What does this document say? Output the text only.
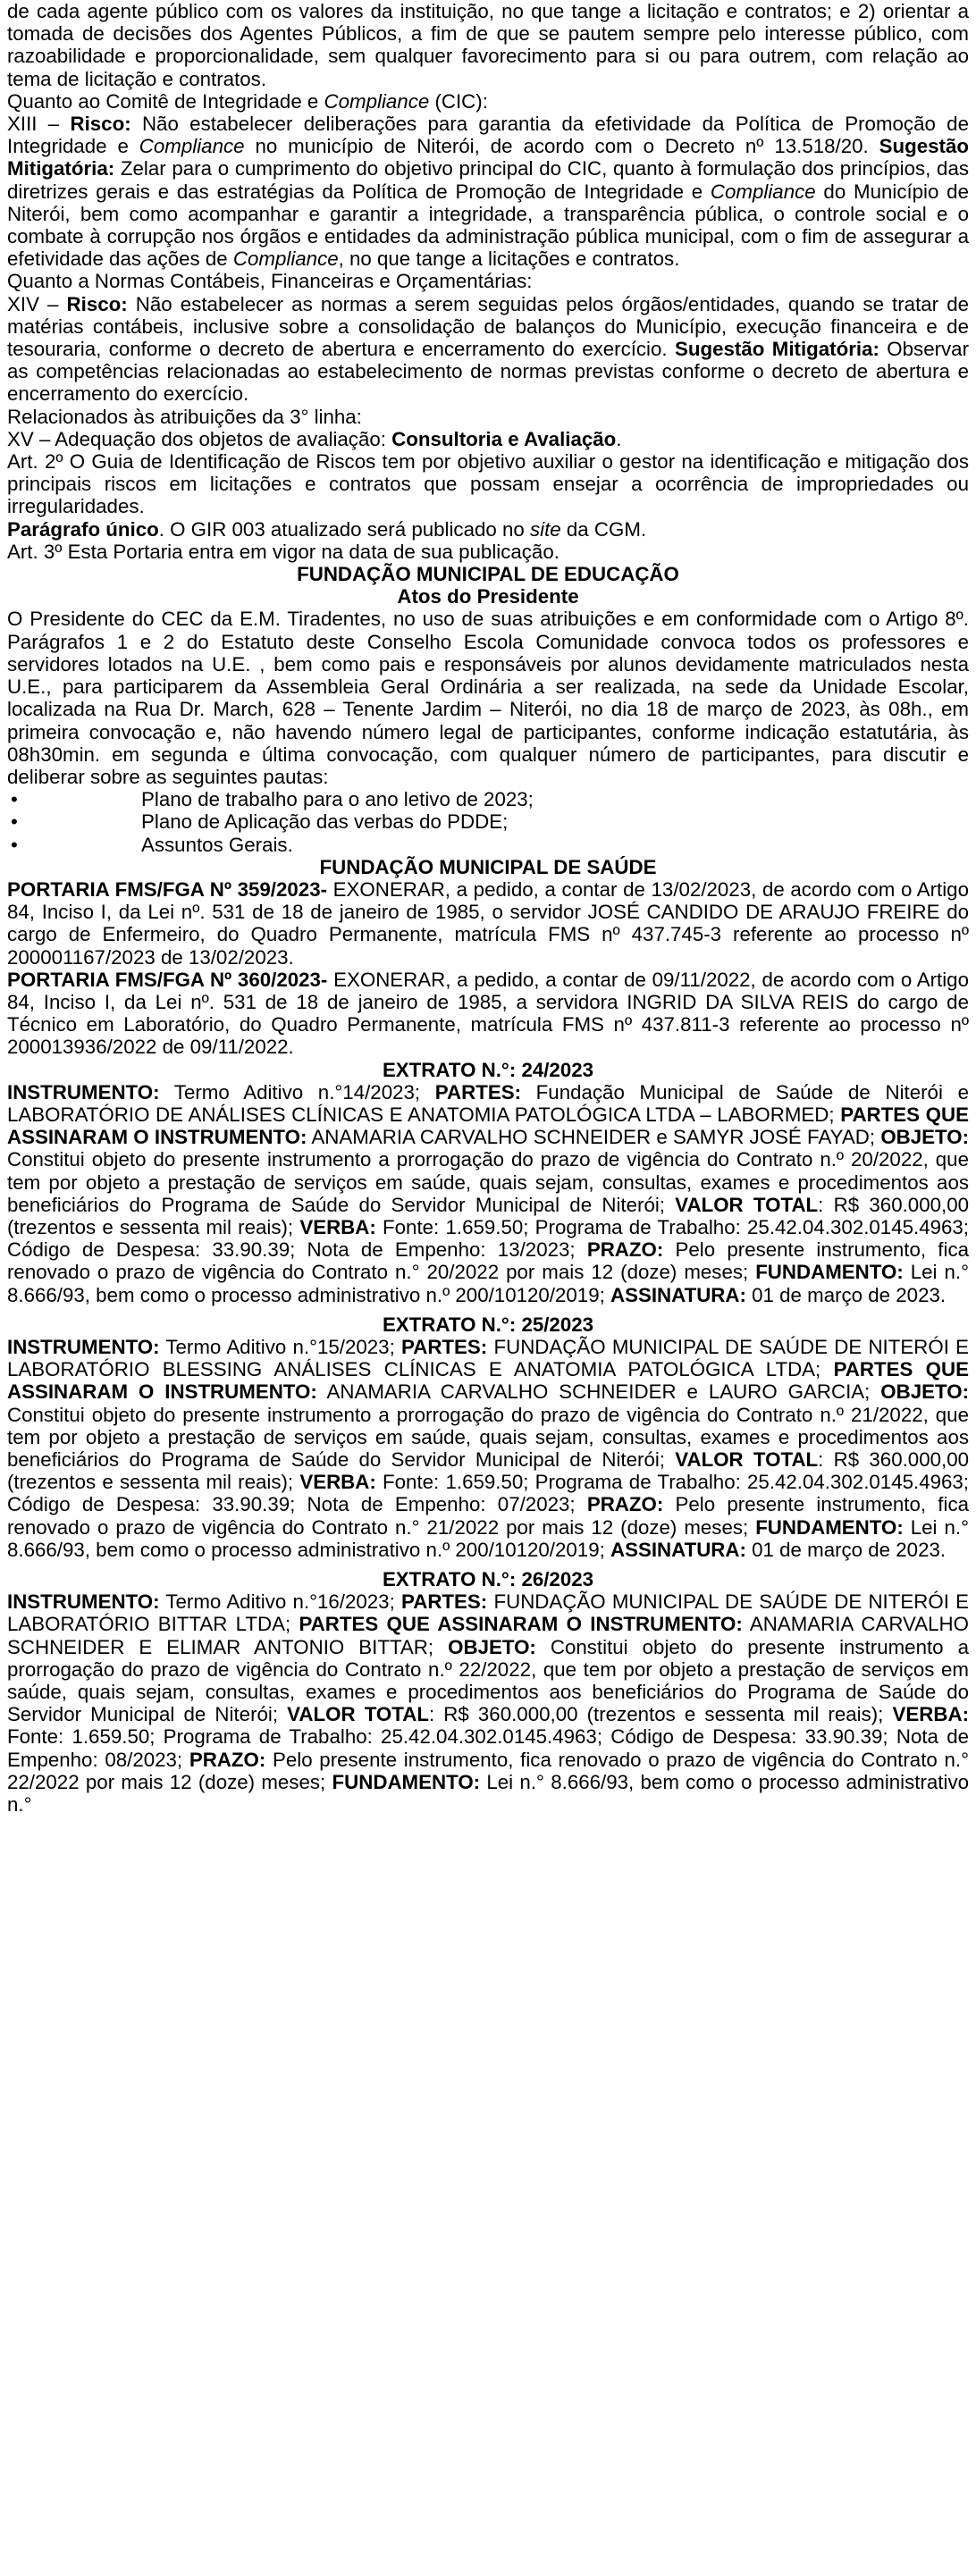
de cada agente público com os valores da instituição, no que tange a licitação e contratos; e 2) orientar a tomada de decisões dos Agentes Públicos, a fim de que se pautem sempre pelo interesse público, com razoabilidade e proporcionalidade, sem qualquer favorecimento para si ou para outrem, com relação ao tema de licitação e contratos.

Quanto ao Comitê de Integridade e Compliance (CIC):

XIII – Risco: Não estabelecer deliberações para garantia da efetividade da Política de Promoção de Integridade e Compliance no município de Niterói, de acordo com o Decreto nº 13.518/20. Sugestão Mitigatória: Zelar para o cumprimento do objetivo principal do CIC, quanto à formulação dos princípios, das diretrizes gerais e das estratégias da Política de Promoção de Integridade e Compliance do Município de Niterói, bem como acompanhar e garantir a integridade, a transparência pública, o controle social e o combate à corrupção nos órgãos e entidades da administração pública municipal, com o fim de assegurar a efetividade das ações de Compliance, no que tange a licitações e contratos.

Quanto a Normas Contábeis, Financeiras e Orçamentárias:

XIV – Risco: Não estabelecer as normas a serem seguidas pelos órgãos/entidades, quando se tratar de matérias contábeis, inclusive sobre a consolidação de balanços do Município, execução financeira e de tesouraria, conforme o decreto de abertura e encerramento do exercício. Sugestão Mitigatória: Observar as competências relacionadas ao estabelecimento de normas previstas conforme o decreto de abertura e encerramento do exercício.

Relacionados às atribuições da 3° linha:

XV – Adequação dos objetos de avaliação: Consultoria e Avaliação.

Art. 2º O Guia de Identificação de Riscos tem por objetivo auxiliar o gestor na identificação e mitigação dos principais riscos em licitações e contratos que possam ensejar a ocorrência de impropriedades ou irregularidades.

Parágrafo único. O GIR 003 atualizado será publicado no site da CGM.

Art. 3º Esta Portaria entra em vigor na data de sua publicação.

FUNDAÇÃO MUNICIPAL DE EDUCAÇÃO

Atos do Presidente

O Presidente do CEC da E.M. Tiradentes, no uso de suas atribuições e em conformidade com o Artigo 8º. Parágrafos 1 e 2 do Estatuto deste Conselho Escola Comunidade convoca todos os professores e servidores lotados na U.E. , bem como pais e responsáveis por alunos devidamente matriculados nesta U.E., para participarem da Assembleia Geral Ordinária a ser realizada, na sede da Unidade Escolar, localizada na Rua Dr. March, 628 – Tenente Jardim – Niterói, no dia 18 de março de 2023, às 08h., em primeira convocação e, não havendo número legal de participantes, conforme indicação estatutária, às 08h30min. em segunda e última convocação, com qualquer número de participantes, para discutir e deliberar sobre as seguintes pautas:

•	Plano de trabalho para o ano letivo de 2023;
•	Plano de Aplicação das verbas do PDDE;
•	Assuntos Gerais.

FUNDAÇÃO MUNICIPAL DE SAÚDE

PORTARIA FMS/FGA Nº 359/2023- EXONERAR, a pedido, a contar de 13/02/2023, de acordo com o Artigo 84, Inciso I, da Lei nº. 531 de 18 de janeiro de 1985, o servidor JOSÉ CANDIDO DE ARAUJO FREIRE do cargo de Enfermeiro, do Quadro Permanente, matrícula FMS nº 437.745-3 referente ao processo nº 200001167/2023 de 13/02/2023.

PORTARIA FMS/FGA Nº 360/2023- EXONERAR, a pedido, a contar de 09/11/2022, de acordo com o Artigo 84, Inciso I, da Lei nº. 531 de 18 de janeiro de 1985, a servidora INGRID DA SILVA REIS do cargo de Técnico em Laboratório, do Quadro Permanente, matrícula FMS nº 437.811-3 referente ao processo nº 200013936/2022 de 09/11/2022.

EXTRATO N.°: 24/2023

INSTRUMENTO: Termo Aditivo n.°14/2023; PARTES: Fundação Municipal de Saúde de Niterói e LABORATÓRIO DE ANÁLISES CLÍNICAS E ANATOMIA PATOLÓGICA LTDA – LABORMED; PARTES QUE ASSINARAM O INSTRUMENTO: ANAMARIA CARVALHO SCHNEIDER e SAMYR JOSÉ FAYAD; OBJETO: Constitui objeto do presente instrumento a prorrogação do prazo de vigência do Contrato n.º 20/2022, que tem por objeto a prestação de serviços em saúde, quais sejam, consultas, exames e procedimentos aos beneficiários do Programa de Saúde do Servidor Municipal de Niterói; VALOR TOTAL: R$ 360.000,00 (trezentos e sessenta mil reais); VERBA: Fonte: 1.659.50; Programa de Trabalho: 25.42.04.302.0145.4963; Código de Despesa: 33.90.39; Nota de Empenho: 13/2023; PRAZO: Pelo presente instrumento, fica renovado o prazo de vigência do Contrato n.° 20/2022 por mais 12 (doze) meses; FUNDAMENTO: Lei n.° 8.666/93, bem como o processo administrativo n.º 200/10120/2019; ASSINATURA: 01 de março de 2023.

EXTRATO N.°: 25/2023

INSTRUMENTO: Termo Aditivo n.°15/2023; PARTES: FUNDAÇÃO MUNICIPAL DE SAÚDE DE NITERÓI E LABORATÓRIO BLESSING ANÁLISES CLÍNICAS E ANATOMIA PATOLÓGICA LTDA; PARTES QUE ASSINARAM O INSTRUMENTO: ANAMARIA CARVALHO SCHNEIDER e LAURO GARCIA; OBJETO: Constitui objeto do presente instrumento a prorrogação do prazo de vigência do Contrato n.º 21/2022, que tem por objeto a prestação de serviços em saúde, quais sejam, consultas, exames e procedimentos aos beneficiários do Programa de Saúde do Servidor Municipal de Niterói; VALOR TOTAL: R$ 360.000,00 (trezentos e sessenta mil reais); VERBA: Fonte: 1.659.50; Programa de Trabalho: 25.42.04.302.0145.4963; Código de Despesa: 33.90.39; Nota de Empenho: 07/2023; PRAZO: Pelo presente instrumento, fica renovado o prazo de vigência do Contrato n.° 21/2022 por mais 12 (doze) meses; FUNDAMENTO: Lei n.° 8.666/93, bem como o processo administrativo n.º 200/10120/2019; ASSINATURA: 01 de março de 2023.

EXTRATO N.°: 26/2023

INSTRUMENTO: Termo Aditivo n.°16/2023; PARTES: FUNDAÇÃO MUNICIPAL DE SAÚDE DE NITERÓI E LABORATÓRIO BITTAR LTDA; PARTES QUE ASSINARAM O INSTRUMENTO: ANAMARIA CARVALHO SCHNEIDER E ELIMAR ANTONIO BITTAR; OBJETO: Constitui objeto do presente instrumento a prorrogação do prazo de vigência do Contrato n.º 22/2022, que tem por objeto a prestação de serviços em saúde, quais sejam, consultas, exames e procedimentos aos beneficiários do Programa de Saúde do Servidor Municipal de Niterói; VALOR TOTAL: R$ 360.000,00 (trezentos e sessenta mil reais); VERBA: Fonte: 1.659.50; Programa de Trabalho: 25.42.04.302.0145.4963; Código de Despesa: 33.90.39; Nota de Empenho: 08/2023; PRAZO: Pelo presente instrumento, fica renovado o prazo de vigência do Contrato n.° 22/2022 por mais 12 (doze) meses; FUNDAMENTO: Lei n.° 8.666/93, bem como o processo administrativo n.°
